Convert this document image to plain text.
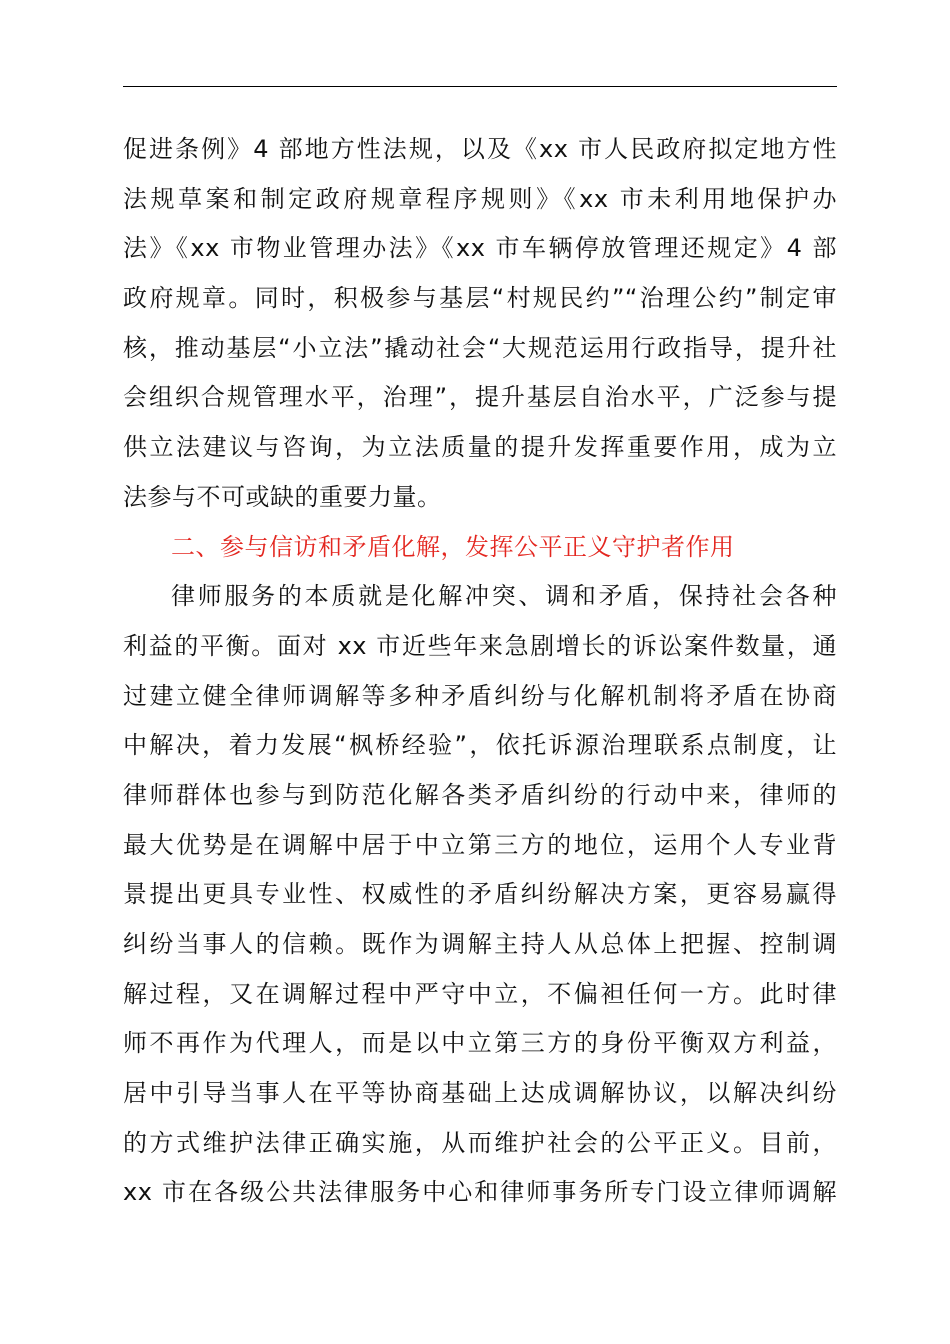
促进条例》4 部地方性法规，以及《xx 市人民政府拟定地方性
法规草案和制定政府规章程序规则》《xx 市未利用地保护办
法》《xx 市物业管理办法》《xx 市车辆停放管理还规定》4 部
政府规章。同时，积极参与基层“村规民约”“治理公约”制定审
核，推动基层“小立法”撬动社会“大规范运用行政指导，提升社
会组织合规管理水平，治理”，提升基层自治水平，广泛参与提
供立法建议与咨询，为立法质量的提升发挥重要作用，成为立
法参与不可或缺的重要力量。
二、参与信访和矛盾化解，发挥公平正义守护者作用
律师服务的本质就是化解冲突、调和矛盾，保持社会各种
利益的平衡。面对 xx 市近些年来急剧增长的诉讼案件数量，通
过建立健全律师调解等多种矛盾纠纷与化解机制将矛盾在协商
中解决，着力发展“枫桥经验”，依托诉源治理联系点制度，让
律师群体也参与到防范化解各类矛盾纠纷的行动中来，律师的
最大优势是在调解中居于中立第三方的地位，运用个人专业背
景提出更具专业性、权威性的矛盾纠纷解决方案，更容易赢得
纠纷当事人的信赖。既作为调解主持人从总体上把握、控制调
解过程，又在调解过程中严守中立，不偏袒任何一方。此时律
师不再作为代理人，而是以中立第三方的身份平衡双方利益，
居中引导当事人在平等协商基础上达成调解协议，以解决纠纷
的方式维护法律正确实施，从而维护社会的公平正义。目前，
xx 市在各级公共法律服务中心和律师事务所专门设立律师调解
